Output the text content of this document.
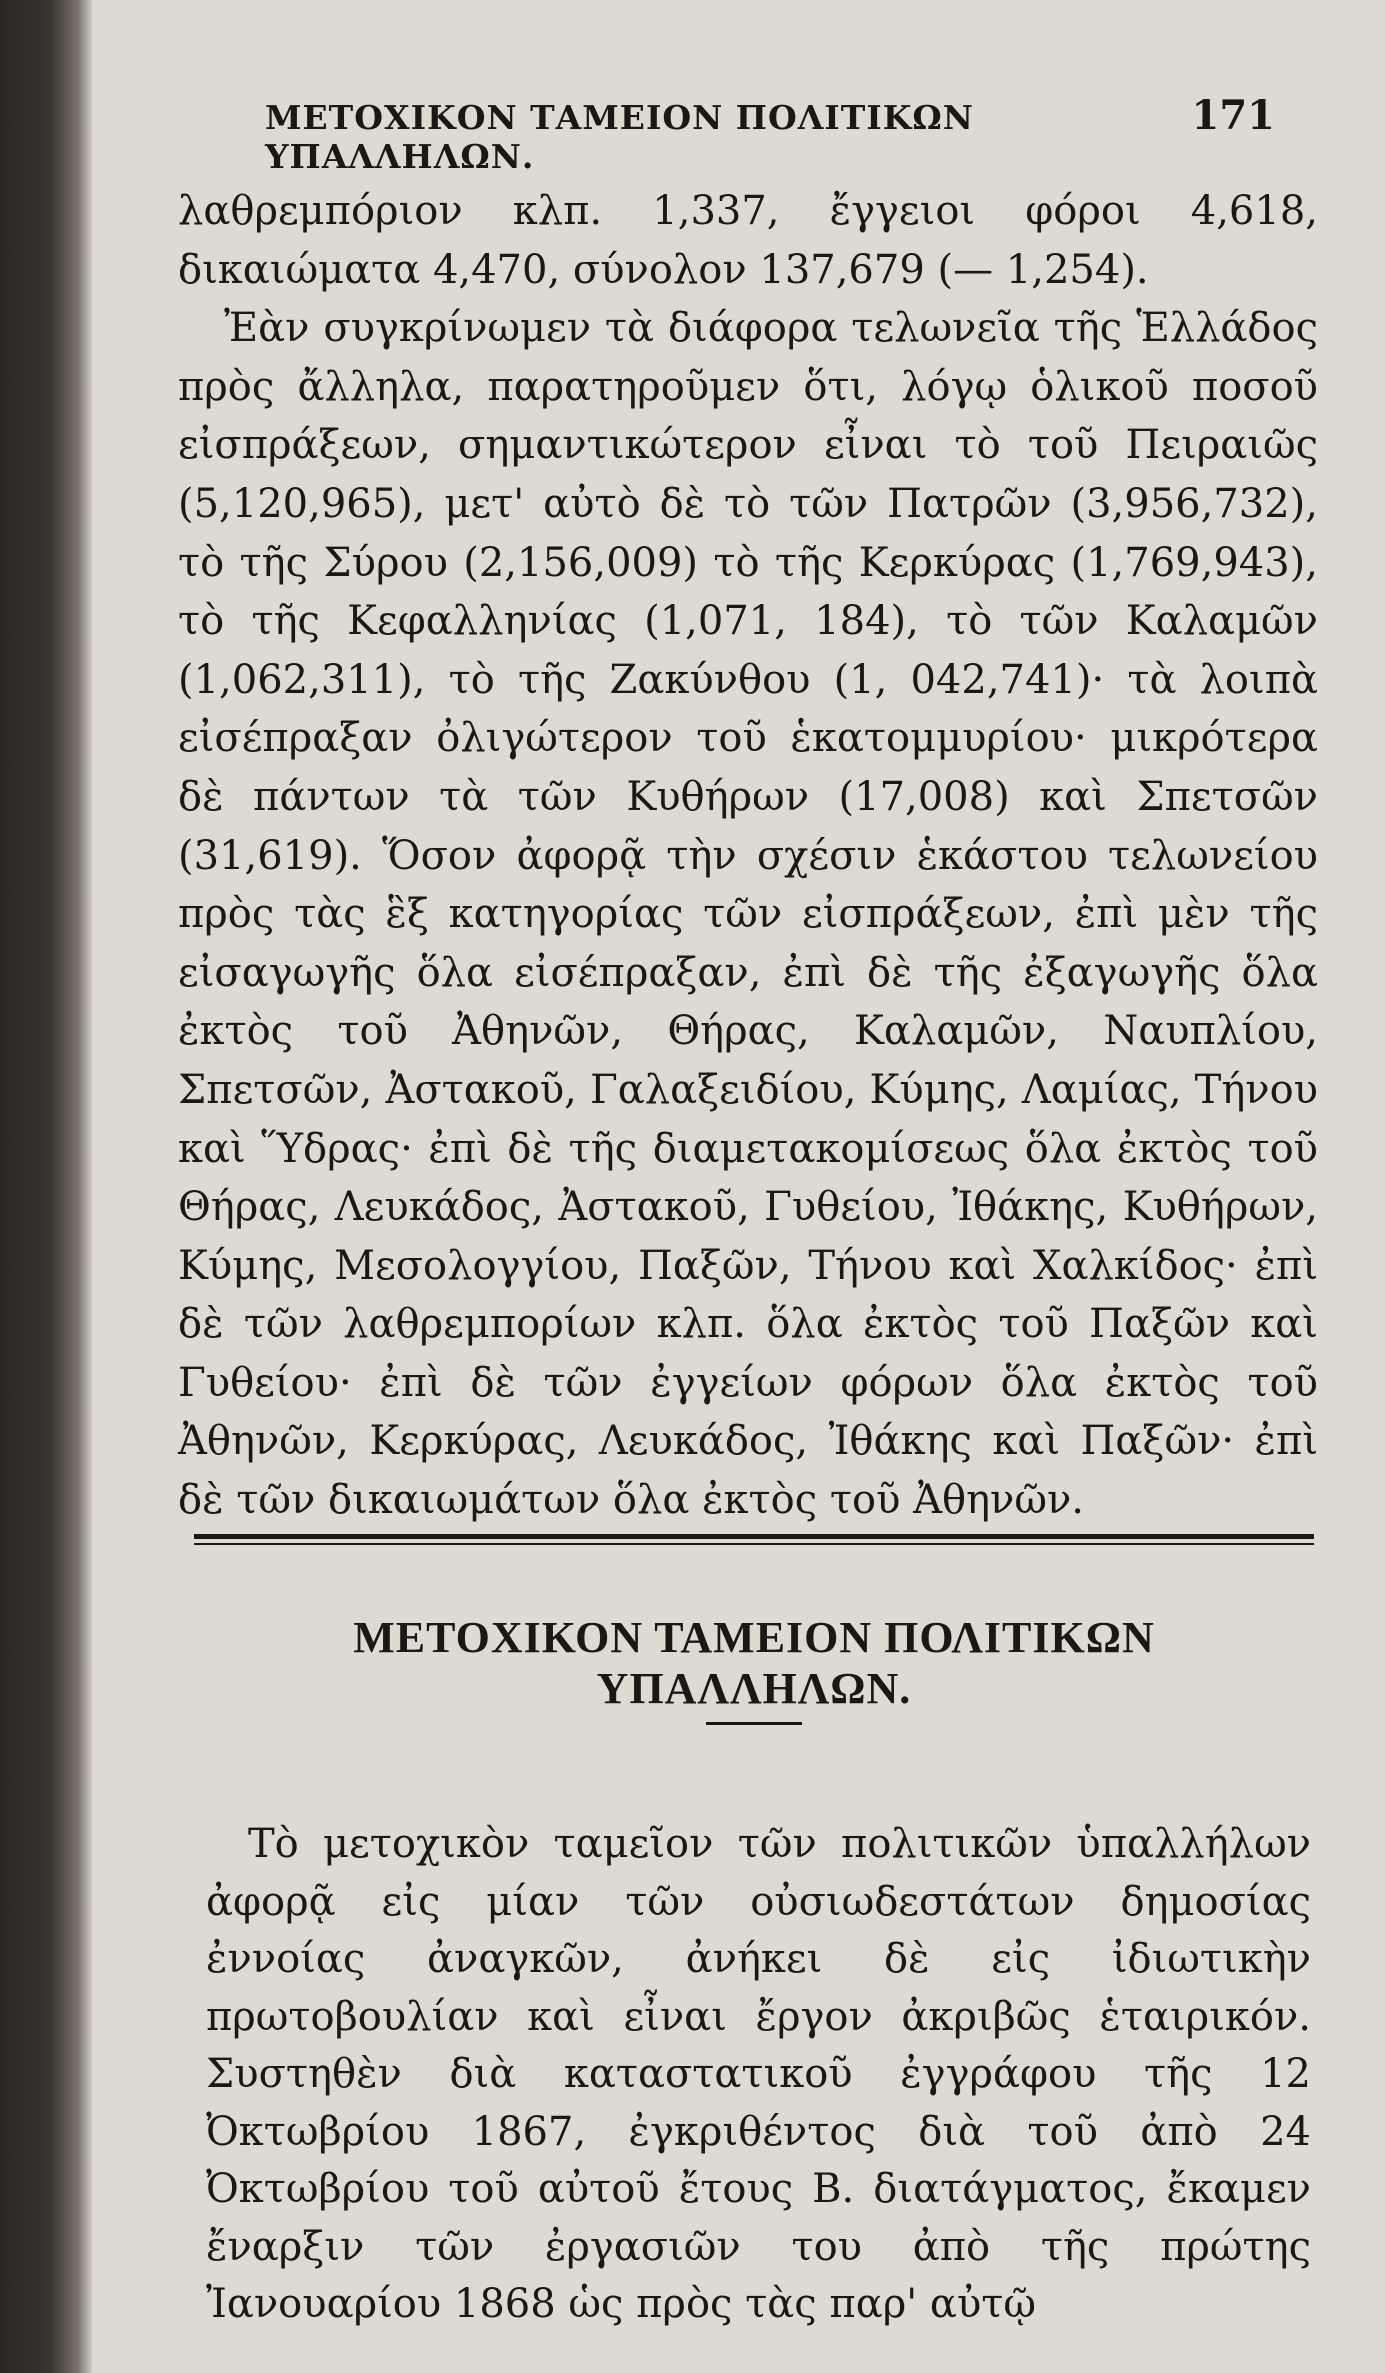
ΜΕΤΟΧΙΚΟΝ ΤΑΜΕΙΟΝ ΠΟΛΙΤΙΚΩΝ ΥΠΑΛΛΗΛΩΝ.
171

λαθρεμπόριον κλπ. 1,337, ἔγγειοι φόροι 4,618, δικαιώματα 4,470, σύνολον 137,679 (— 1,254).

Ἐὰν συγκρίνωμεν τὰ διάφορα τελωνεῖα τῆς Ἑλλάδος πρὸς ἄλληλα, παρατηροῦμεν ὅτι, λόγῳ ὁλικοῦ ποσοῦ εἰσπράξεων, σημαντικώτερον εἶναι τὸ τοῦ Πειραιῶς (5,120,965), μετ' αὐτὸ δὲ τὸ τῶν Πατρῶν (3,956,732), τὸ τῆς Σύρου (2,156,009) τὸ τῆς Κερκύρας (1,769,943), τὸ τῆς Κεφαλληνίας (1,071, 184), τὸ τῶν Καλαμῶν (1,062,311), τὸ τῆς Ζακύνθου (1, 042,741)· τὰ λοιπὰ εἰσέπραξαν ὀλιγώτερον τοῦ ἑκατομμυρίου· μικρότερα δὲ πάντων τὰ τῶν Κυθήρων (17,008) καὶ Σπετσῶν (31,619). Ὅσον ἀφορᾷ τὴν σχέσιν ἑκάστου τελωνείου πρὸς τὰς ἓξ κατηγορίας τῶν εἰσπράξεων, ἐπὶ μὲν τῆς εἰσαγωγῆς ὅλα εἰσέπραξαν, ἐπὶ δὲ τῆς ἐξαγωγῆς ὅλα ἐκτὸς τοῦ Ἀθηνῶν, Θήρας, Καλαμῶν, Ναυπλίου, Σπετσῶν, Ἀστακοῦ, Γαλαξειδίου, Κύμης, Λαμίας, Τήνου καὶ Ὕδρας· ἐπὶ δὲ τῆς διαμετακομίσεως ὅλα ἐκτὸς τοῦ Θήρας, Λευκάδος, Ἀστακοῦ, Γυθείου, Ἰθάκης, Κυθήρων, Κύμης, Μεσολογγίου, Παξῶν, Τήνου καὶ Χαλκίδος· ἐπὶ δὲ τῶν λαθρεμπορίων κλπ. ὅλα ἐκτὸς τοῦ Παξῶν καὶ Γυθείου· ἐπὶ δὲ τῶν ἐγγείων φόρων ὅλα ἐκτὸς τοῦ Ἀθηνῶν, Κερκύρας, Λευκάδος, Ἰθάκης καὶ Παξῶν· ἐπὶ δὲ τῶν δικαιωμάτων ὅλα ἐκτὸς τοῦ Ἀθηνῶν.

ΜΕΤΟΧΙΚΟΝ ΤΑΜΕΙΟΝ ΠΟΛΙΤΙΚΩΝ ΥΠΑΛΛΗΛΩΝ.

Τὸ μετοχικὸν ταμεῖον τῶν πολιτικῶν ὑπαλλήλων ἀφορᾷ εἰς μίαν τῶν οὐσιωδεστάτων δημοσίας ἐννοίας ἀναγκῶν, ἀνήκει δὲ εἰς ἰδιωτικὴν πρωτοβουλίαν καὶ εἶναι ἔργον ἀκριβῶς ἑταιρικόν. Συστηθὲν διὰ καταστατικοῦ ἐγγράφου τῆς 12 Ὀκτωβρίου 1867, ἐγκριθέντος διὰ τοῦ ἀπὸ 24 Ὀκτωβρίου τοῦ αὐτοῦ ἔτους Β. διατάγματος, ἔκαμεν ἔναρξιν τῶν ἐργασιῶν του ἀπὸ τῆς πρώτης Ἰανουαρίου 1868 ὡς πρὸς τὰς παρ' αὐτῷ
